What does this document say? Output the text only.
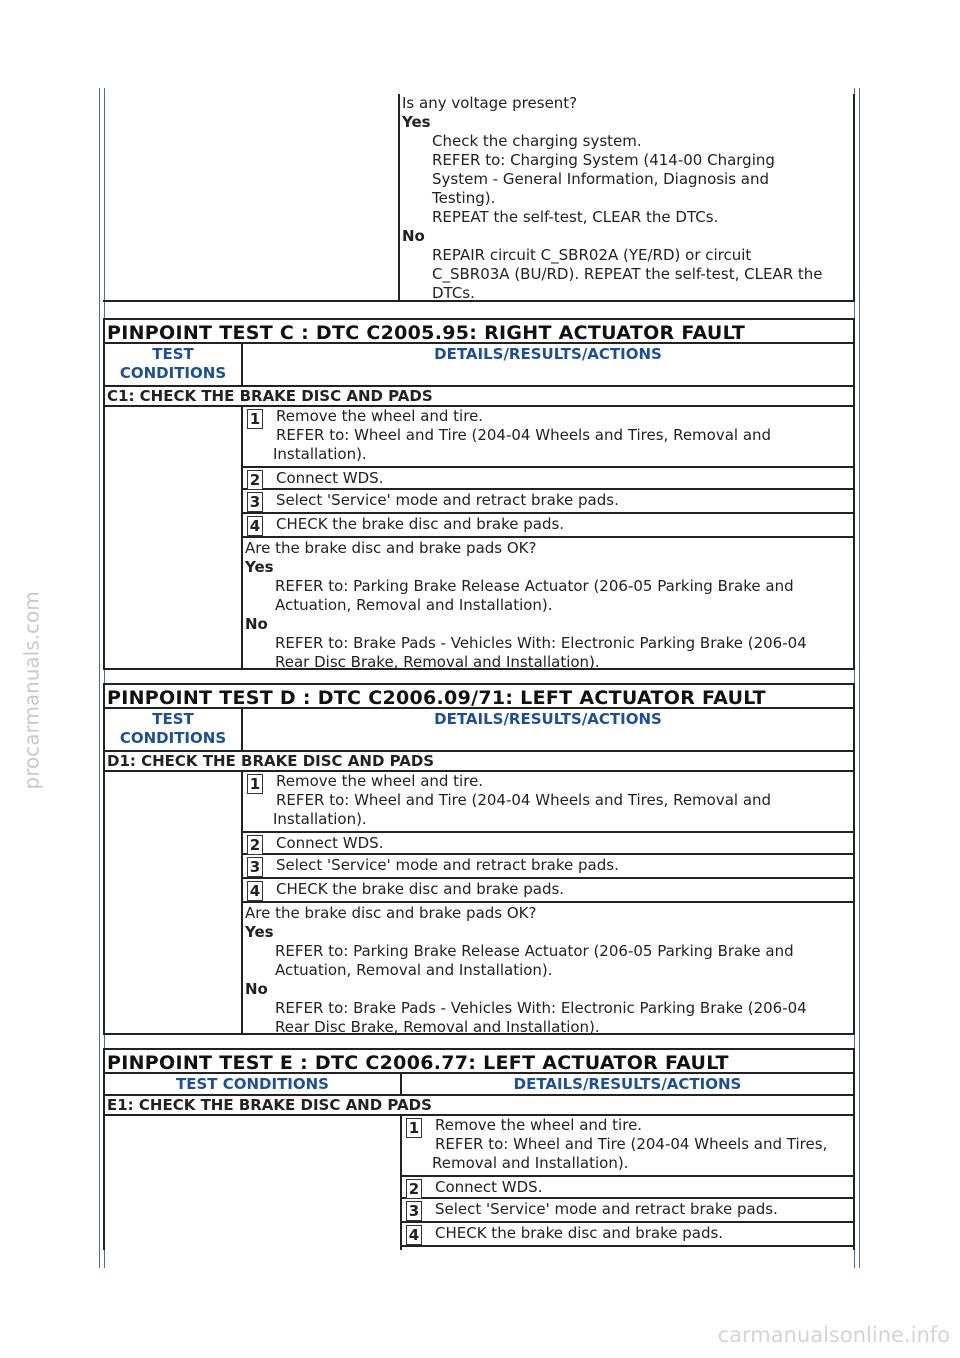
procarmanuals.com
carmanualsonline.info
Is any voltage present?
Yes
Check the charging system.
REFER to: Charging System (414-00 Charging
System - General Information, Diagnosis and
Testing).
REPEAT the self-test, CLEAR the DTCs.
No
REPAIR circuit C_SBR02A (YE/RD) or circuit
C_SBR03A (BU/RD). REPEAT the self-test, CLEAR the
DTCs.
PINPOINT TEST C : DTC C2005.95: RIGHT ACTUATOR FAULT
TEST
CONDITIONS
DETAILS/RESULTS/ACTIONS
C1: CHECK THE BRAKE DISC AND PADS
1 Remove the wheel and tire.
REFER to: Wheel and Tire (204-04 Wheels and Tires, Removal and
Installation).
2 Connect WDS.
3 Select 'Service' mode and retract brake pads.
4 CHECK the brake disc and brake pads.
Are the brake disc and brake pads OK?
Yes
REFER to: Parking Brake Release Actuator (206-05 Parking Brake and
Actuation, Removal and Installation).
No
REFER to: Brake Pads - Vehicles With: Electronic Parking Brake (206-04
Rear Disc Brake, Removal and Installation).
PINPOINT TEST D : DTC C2006.09/71: LEFT ACTUATOR FAULT
TEST
CONDITIONS
DETAILS/RESULTS/ACTIONS
D1: CHECK THE BRAKE DISC AND PADS
1 Remove the wheel and tire.
REFER to: Wheel and Tire (204-04 Wheels and Tires, Removal and
Installation).
2 Connect WDS.
3 Select 'Service' mode and retract brake pads.
4 CHECK the brake disc and brake pads.
Are the brake disc and brake pads OK?
Yes
REFER to: Parking Brake Release Actuator (206-05 Parking Brake and
Actuation, Removal and Installation).
No
REFER to: Brake Pads - Vehicles With: Electronic Parking Brake (206-04
Rear Disc Brake, Removal and Installation).
PINPOINT TEST E : DTC C2006.77: LEFT ACTUATOR FAULT
TEST CONDITIONS	DETAILS/RESULTS/ACTIONS
E1: CHECK THE BRAKE DISC AND PADS
1 Remove the wheel and tire.
REFER to: Wheel and Tire (204-04 Wheels and Tires,
Removal and Installation).
2 Connect WDS.
3 Select 'Service' mode and retract brake pads.
4 CHECK the brake disc and brake pads.
